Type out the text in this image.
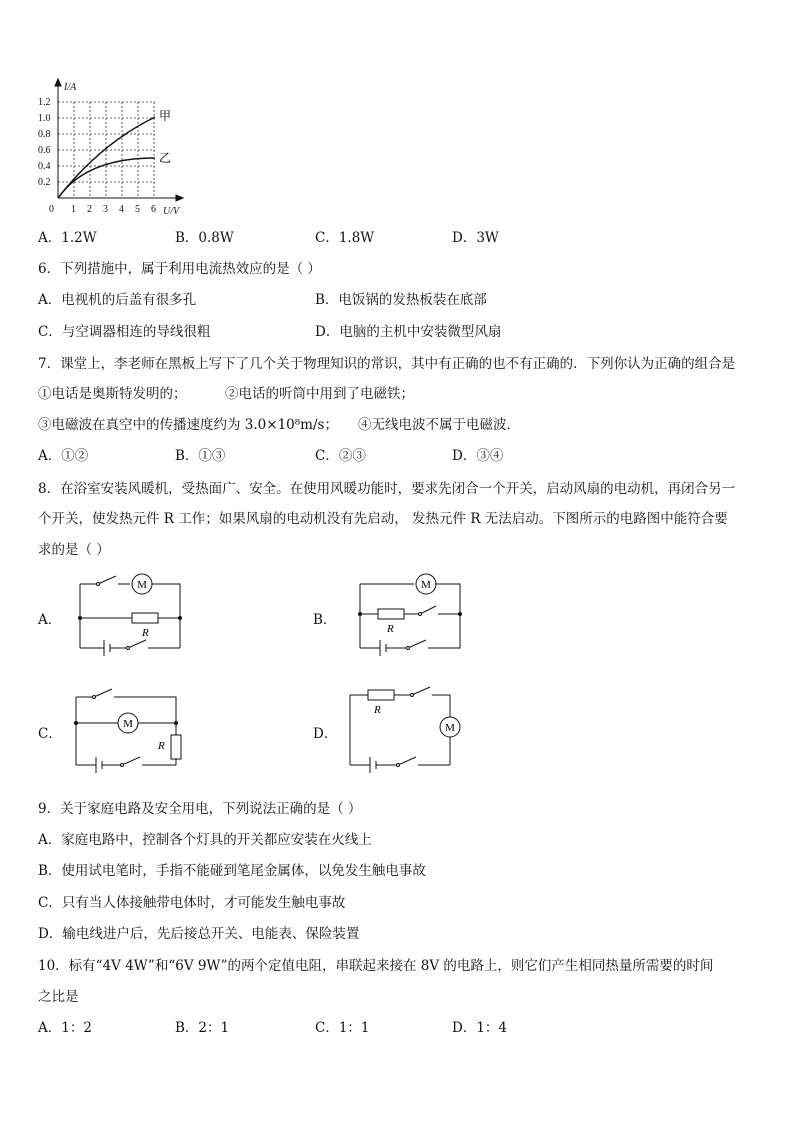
I/A
1.2
1.0
0.8
0.6
0.4
0.2
0 1 2 3 4 5 6 U/V
甲
乙
A．1.2W	B．0.8W	C．1.8W	D．3W
6．下列措施中，属于利用电流热效应的是（ ）
A．电视机的后盖有很多孔	B．电饭锅的发热板装在底部
C．与空调器相连的导线很粗	D．电脑的主机中安装微型风扇
7．课堂上，李老师在黑板上写下了几个关于物理知识的常识，其中有正确的也不有正确的．下列你认为正确的组合是
①电话是奥斯特发明的；	②电话的听筒中用到了电磁铁；
③电磁波在真空中的传播速度约为 3.0×10⁸m/s； ④无线电波不属于电磁波．
A．①②	B．①③	C．②③	D．③④
8．在浴室安装风暖机，受热面广、安全。在使用风暖功能时，要求先闭合一个开关，启动风扇的电动机，再闭合另一
个开关，使发热元件 R 工作；如果风扇的电动机没有先启动， 发热元件 R 无法启动。下图所示的电路图中能符合要
求的是（ ）
A．
M
R
B．
M
R
C．
M
R
D．	M
R
9．关于家庭电路及安全用电，下列说法正确的是（ ）
A．家庭电路中，控制各个灯具的开关都应安装在火线上
B．使用试电笔时，手指不能碰到笔尾金属体，以免发生触电事故
C．只有当人体接触带电体时，才可能发生触电事故
D．输电线进户后，先后接总开关、电能表、保险装置
10．标有“4V 4W”和“6V 9W”的两个定值电阻，串联起来接在 8V 的电路上，则它们产生相同热量所需要的时间
之比是
A．1：2	B．2：1	C．1：1	D．1：4
